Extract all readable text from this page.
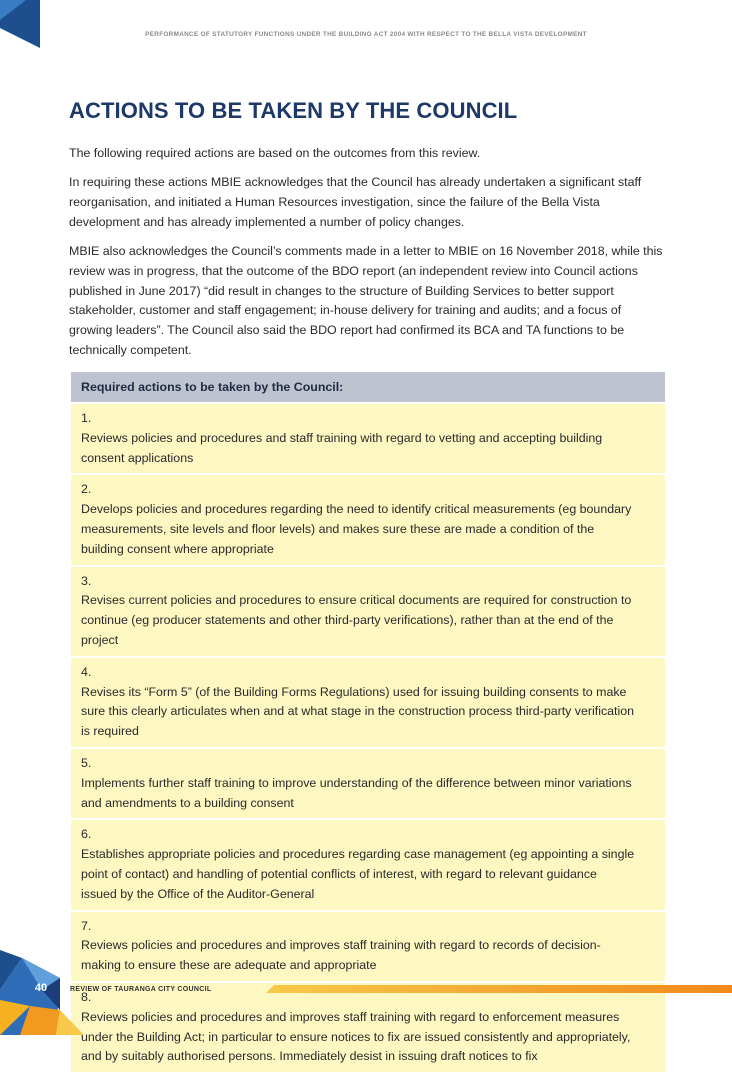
PERFORMANCE OF STATUTORY FUNCTIONS UNDER THE BUILDING ACT 2004 WITH RESPECT TO THE BELLA VISTA DEVELOPMENT
ACTIONS TO BE TAKEN BY THE COUNCIL

The following required actions are based on the outcomes from this review.

In requiring these actions MBIE acknowledges that the Council has already undertaken a significant staff reorganisation, and initiated a Human Resources investigation, since the failure of the Bella Vista development and has already implemented a number of policy changes.

MBIE also acknowledges the Council’s comments made in a letter to MBIE on 16 November 2018, while this review was in progress, that the outcome of the BDO report (an independent review into Council actions published in June 2017) “did result in changes to the structure of Building Services to better support stakeholder, customer and staff engagement; in-house delivery for training and audits; and a focus of growing leaders”. The Council also said the BDO report had confirmed its BCA and TA functions to be technically competent.

Required actions to be taken by the Council:
1.Reviews policies and procedures and staff training with regard to vetting and accepting building consent applications
2.Develops policies and procedures regarding the need to identify critical measurements (eg boundary measurements, site levels and floor levels) and makes sure these are made a condition of the building consent where appropriate
3.Revises current policies and procedures to ensure critical documents are required for construction to continue (eg producer statements and other third-party verifications), rather than at the end of the project
4.Revises its “Form 5” (of the Building Forms Regulations) used for issuing building consents to make sure this clearly articulates when and at what stage in the construction process third-party verification is required
5.Implements further staff training to improve understanding of the difference between minor variations and amendments to a building consent
6.Establishes appropriate policies and procedures regarding case management (eg appointing a single point of contact) and handling of potential conflicts of interest, with regard to relevant guidance issued by the Office of the Auditor-General
7.Reviews policies and procedures and improves staff training with regard to records of decision-making to ensure these are adequate and appropriate
8.Reviews policies and procedures and improves staff training with regard to enforcement measures under the Building Act; in particular to ensure notices to fix are issued consistently and appropriately, and by suitably authorised persons. Immediately desist in issuing draft notices to fix
40	REVIEW OF TAURANGA CITY COUNCIL
